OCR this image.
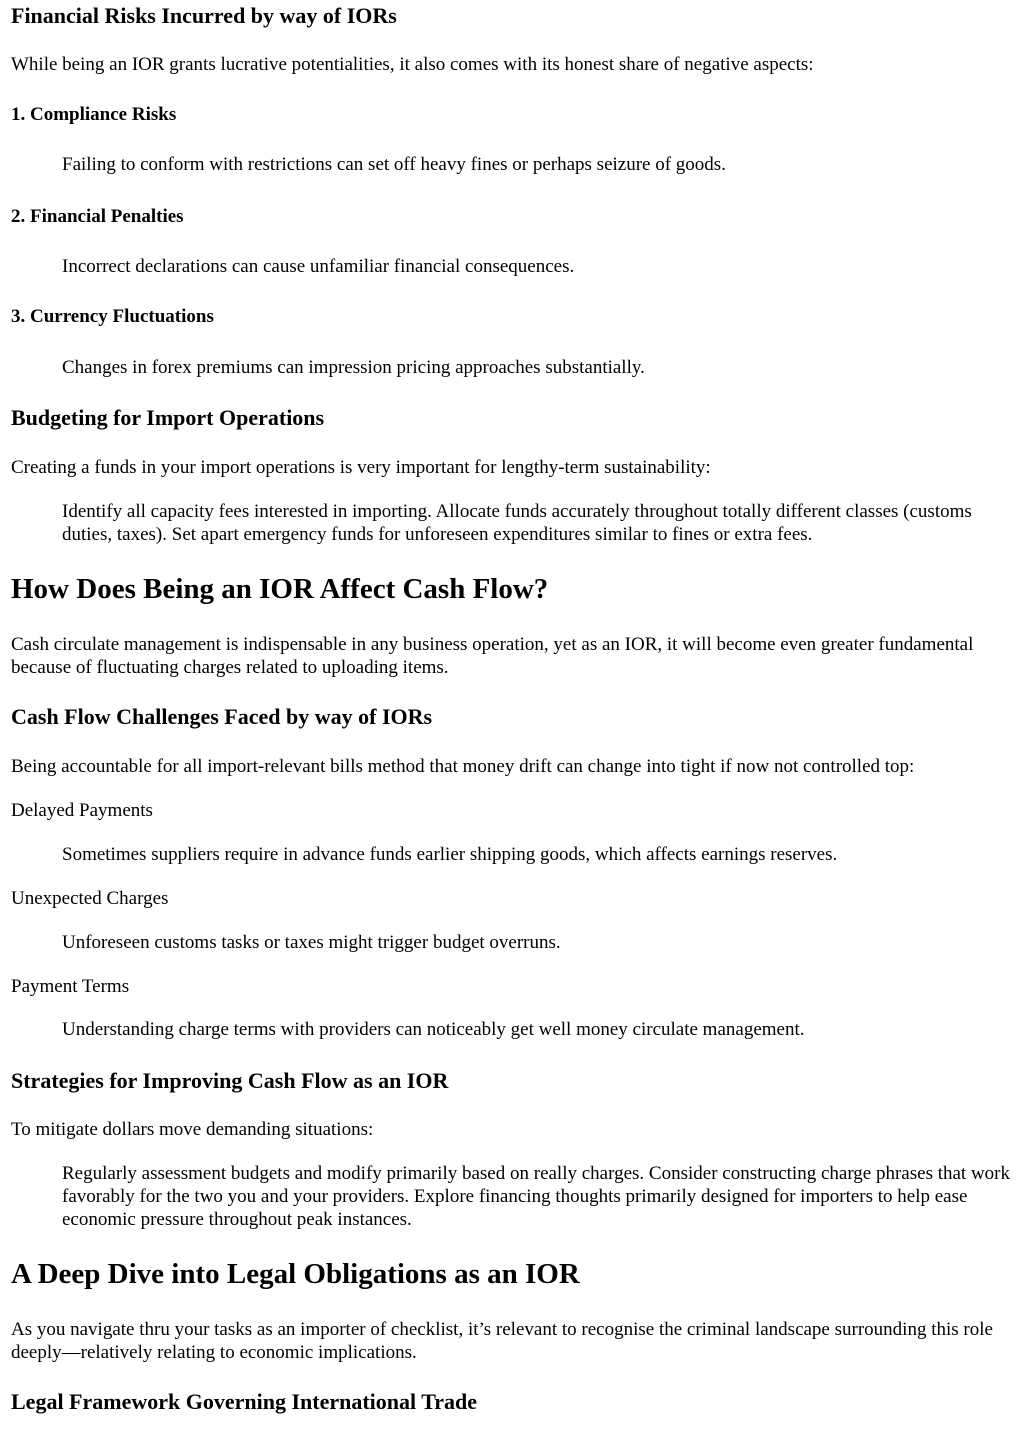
Financial Risks Incurred by way of IORs

While being an IOR grants lucrative potentialities, it also comes with its honest share of negative aspects:

1. Compliance Risks
Failing to conform with restrictions can set off heavy fines or perhaps seizure of goods.
2. Financial Penalties
Incorrect declarations can cause unfamiliar financial consequences.
3. Currency Fluctuations
Changes in forex premiums can impression pricing approaches substantially.
Budgeting for Import Operations

Creating a funds in your import operations is very important for lengthy-term sustainability:

Identify all capacity fees interested in importing. Allocate funds accurately throughout totally different classes (customs duties, taxes). Set apart emergency funds for unforeseen expenditures similar to fines or extra fees.
How Does Being an IOR Affect Cash Flow?

Cash circulate management is indispensable in any business operation, yet as an IOR, it will become even greater fundamental because of fluctuating charges related to uploading items.

Cash Flow Challenges Faced by way of IORs

Being accountable for all import-relevant bills method that money drift can change into tight if now not controlled top:

Delayed Payments

Sometimes suppliers require in advance funds earlier shipping goods, which affects earnings reserves.

Unexpected Charges

Unforeseen customs tasks or taxes might trigger budget overruns.

Payment Terms

Understanding charge terms with providers can noticeably get well money circulate management.
Strategies for Improving Cash Flow as an IOR

To mitigate dollars move demanding situations:

Regularly assessment budgets and modify primarily based on really charges. Consider constructing charge phrases that work favorably for the two you and your providers. Explore financing thoughts primarily designed for importers to help ease economic pressure throughout peak instances.
A Deep Dive into Legal Obligations as an IOR

As you navigate thru your tasks as an importer of checklist, it’s relevant to recognise the criminal landscape surrounding this role deeply—relatively relating to economic implications.

Legal Framework Governing International Trade
